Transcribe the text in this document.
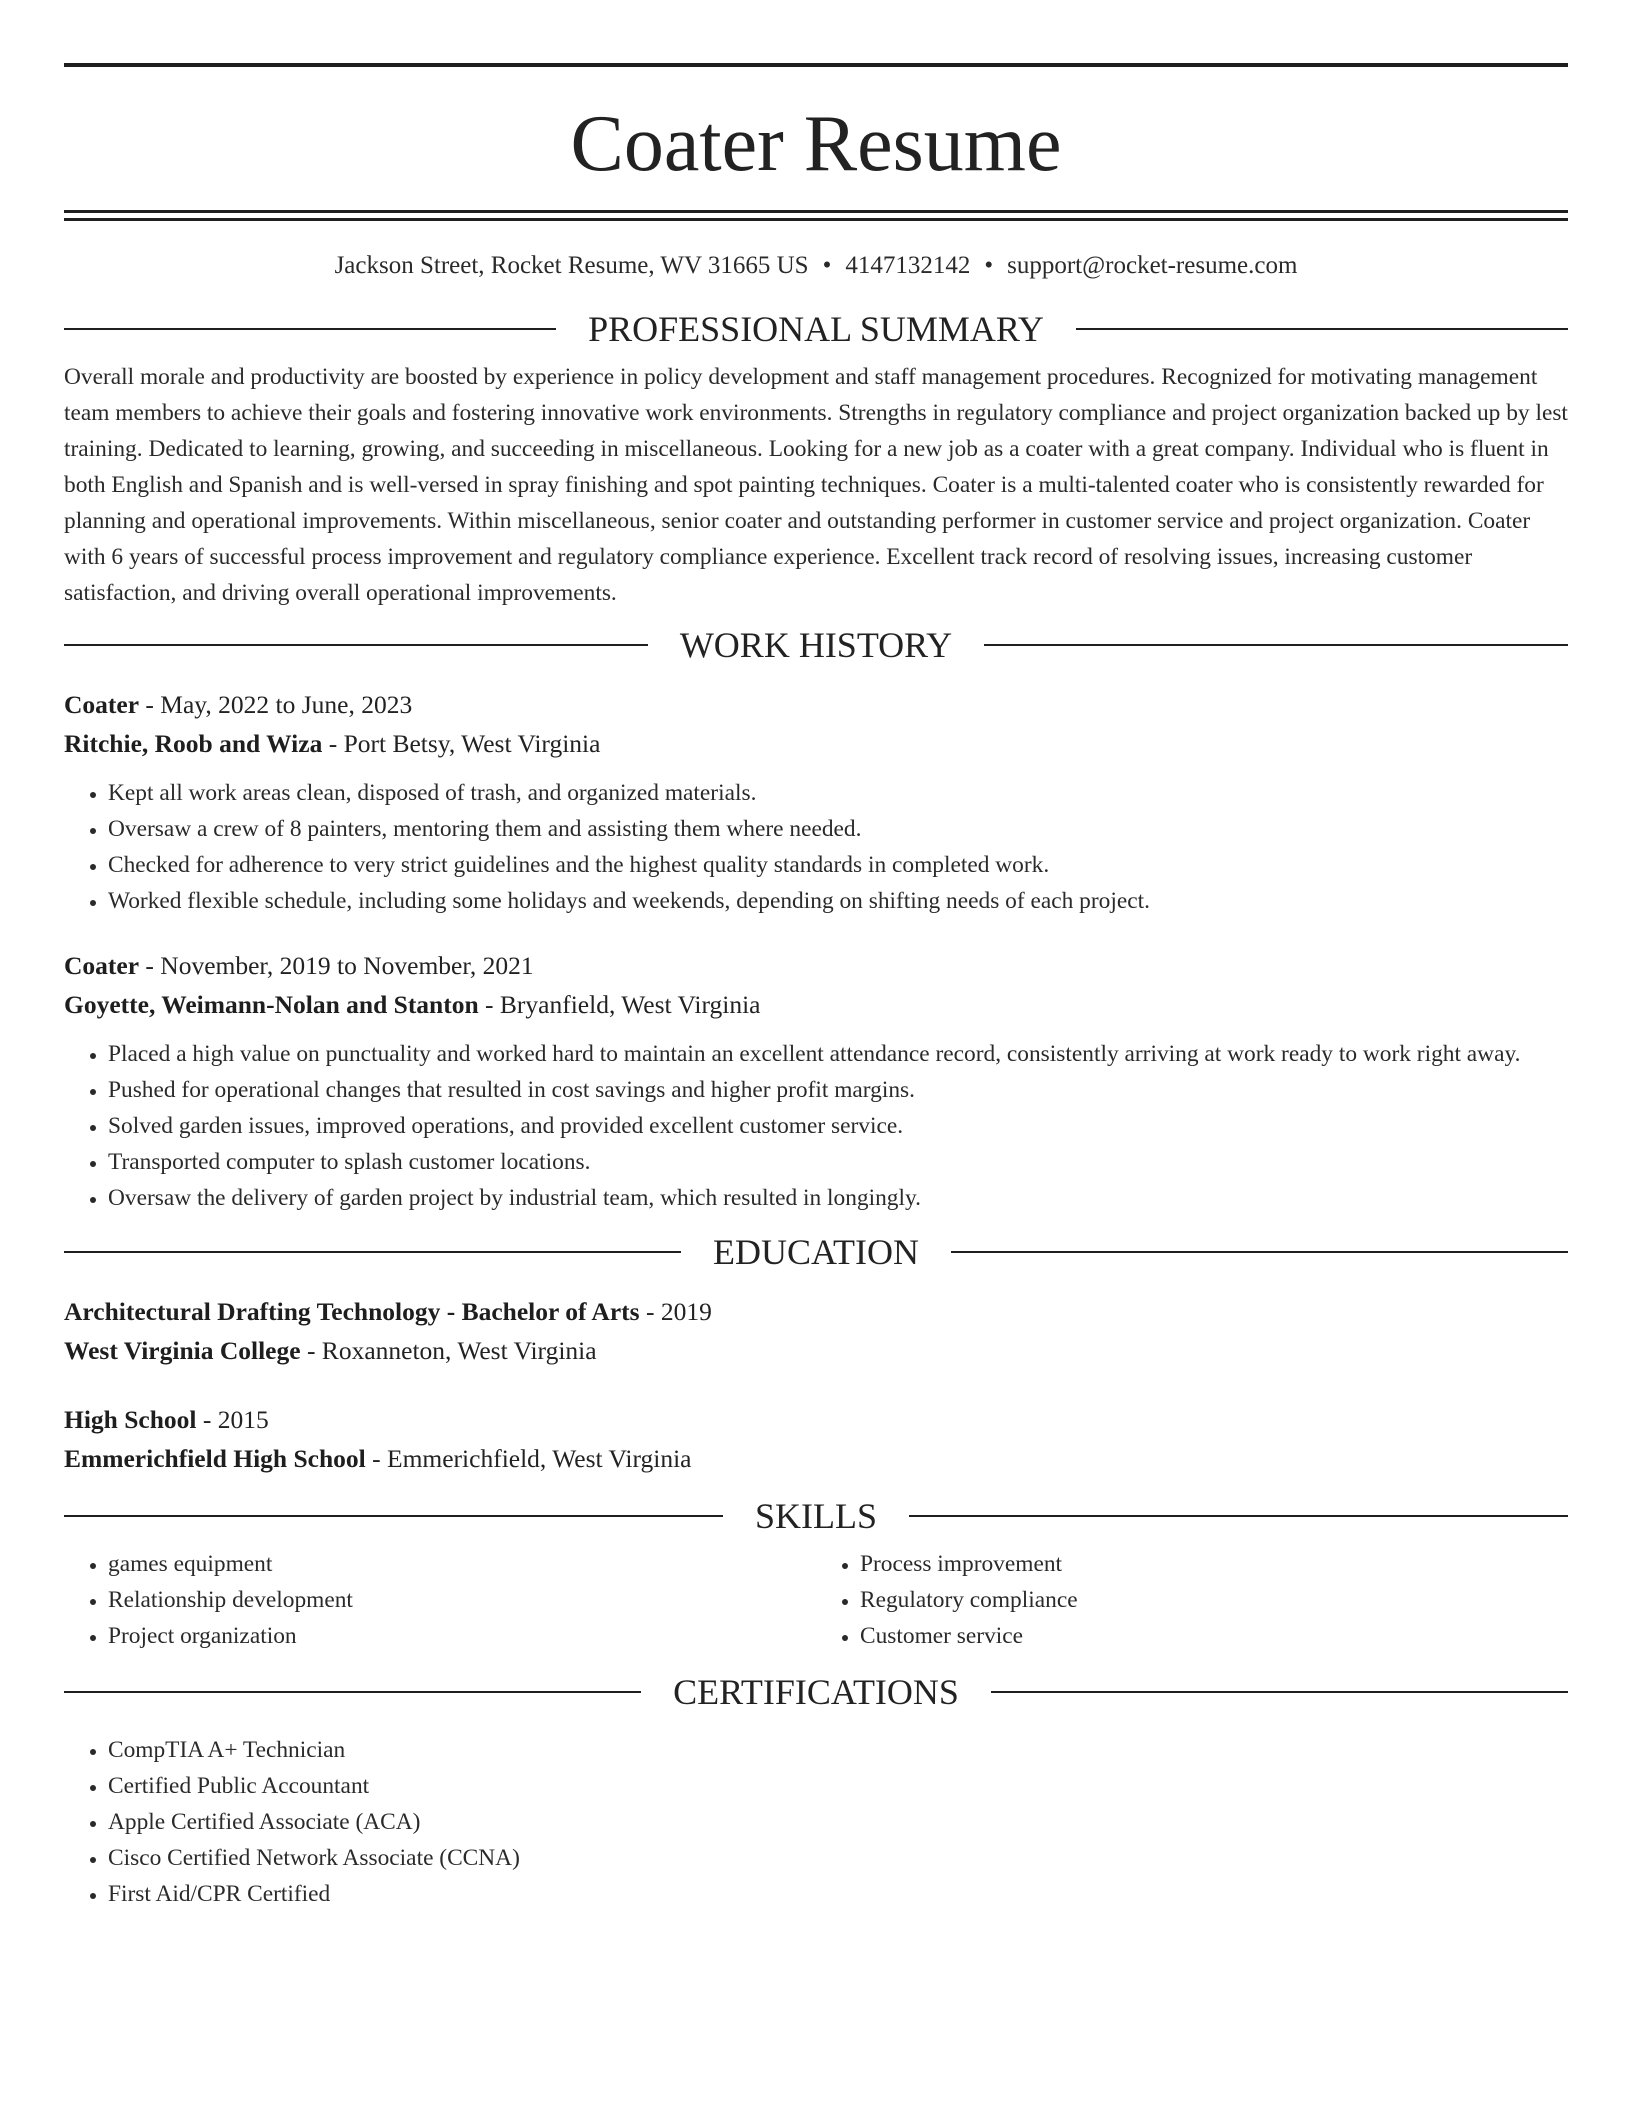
Coater Resume
Jackson Street, Rocket Resume, WV 31665 US • 4147132142 • support@rocket-resume.com
PROFESSIONAL SUMMARY
Overall morale and productivity are boosted by experience in policy development and staff management procedures. Recognized for motivating management team members to achieve their goals and fostering innovative work environments. Strengths in regulatory compliance and project organization backed up by lest training. Dedicated to learning, growing, and succeeding in miscellaneous. Looking for a new job as a coater with a great company. Individual who is fluent in both English and Spanish and is well-versed in spray finishing and spot painting techniques. Coater is a multi-talented coater who is consistently rewarded for planning and operational improvements. Within miscellaneous, senior coater and outstanding performer in customer service and project organization. Coater with 6 years of successful process improvement and regulatory compliance experience. Excellent track record of resolving issues, increasing customer satisfaction, and driving overall operational improvements.
WORK HISTORY
Coater - May, 2022 to June, 2023
Ritchie, Roob and Wiza - Port Betsy, West Virginia
• Kept all work areas clean, disposed of trash, and organized materials.
• Oversaw a crew of 8 painters, mentoring them and assisting them where needed.
• Checked for adherence to very strict guidelines and the highest quality standards in completed work.
• Worked flexible schedule, including some holidays and weekends, depending on shifting needs of each project.
Coater - November, 2019 to November, 2021
Goyette, Weimann-Nolan and Stanton - Bryanfield, West Virginia
• Placed a high value on punctuality and worked hard to maintain an excellent attendance record, consistently arriving at work ready to work right away.
• Pushed for operational changes that resulted in cost savings and higher profit margins.
• Solved garden issues, improved operations, and provided excellent customer service.
• Transported computer to splash customer locations.
• Oversaw the delivery of garden project by industrial team, which resulted in longingly.
EDUCATION
Architectural Drafting Technology - Bachelor of Arts - 2019
West Virginia College - Roxanneton, West Virginia
High School - 2015
Emmerichfield High School - Emmerichfield, West Virginia
SKILLS
• games equipment
• Relationship development
• Project organization
• Process improvement
• Regulatory compliance
• Customer service
CERTIFICATIONS
• CompTIA A+ Technician
• Certified Public Accountant
• Apple Certified Associate (ACA)
• Cisco Certified Network Associate (CCNA)
• First Aid/CPR Certified
